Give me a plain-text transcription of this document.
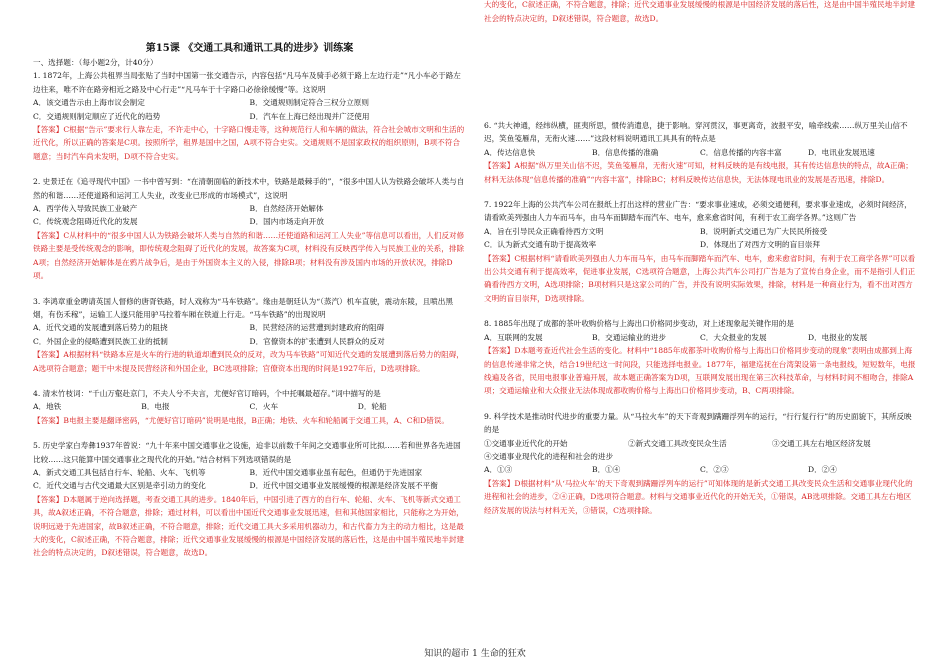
第15课 《交通工具和通讯工具的进步》训练案

一、选择题：（每小题2分，计40分）

1. 1872年，上海公共租界当局张贴了当时中国第一张交通告示，内容包括“凡马车及骑手必须于路上左边行走”“凡小车必于路左边往来，唯不许在路旁相近之路及中心行走”“凡马车于十字路口必徐徐缓慢”等。这说明

A．该交通告示由上海市议会制定	B．交通规则制定符合三权分立原则
C．交通规则制定顺应了近代化的趋势	D．汽车在上海已经出现并广泛使用

【答案】C根据“告示”要求行人靠左走，不许走中心，十字路口慢走等，这种规范行人和车辆的做法，符合社会城市文明和生活的近代化，所以正确的答案是C项。按照所学，租界是国中之国，A项不符合史实。交通规则不是国家政权的组织原则，B项不符合题意；当时汽车尚未发明，D项不符合史实。

2. 史景迁在《追寻现代中国》一书中曾写到：“在清朝面临的新技术中，铁路是最棘手的”，“很多中国人认为铁路会破坏人类与自然的和谐……还使道路和运河工人失业，改变业已形成的市场模式”，这说明

A．西学传入导致民族工业破产	B．自然经济开始解体
C．传统观念阻碍近代化的发展	D．国内市场走向开放

【答案】C从材料中的“很多中国人认为铁路会破坏人类与自然的和谐……还使道路和运河工人失业”等信息可以看出，人们反对修铁路主要是受传统观念的影响，即传统观念阻碍了近代化的发展，故答案为C项，材料没有反映西学传入与民族工业的关系，排除A项；自然经济开始解体是在鸦片战争后，是由于外国资本主义的入侵，排除B项；材料没有涉及国内市场的开放状况，排除D项。

3. 李鸿章重金聘请英国人督修的唐胥铁路，时人戏称为“马车铁路”。缘由是朝廷认为“（蒸汽）机车直驶，震动东陵，且喷出黑烟，有伤禾稼”，运输工人遂只能用驴马拉着车厢在铁道上行走。“马车铁路”的出现说明

A．近代交通的发展遭到落后势力的阻挠	B．民营经济的运营遭到封建政府的阻碍
C．外国企业的侵略遭到民族工业的抵制	D．官僚资本的扩张遭到人民群众的反对

【答案】A根据材料“铁路本应是火车的行进的轨道却遭到民众的反对，改为马车铁路”可知近代交通的发展遭到落后势力的阻碍，A选项符合题意；题干中未提及民营经济和外国企业，BC选项排除；官僚资本出现的时间是1927年后，D选项排除。

4. 清末竹枝词：“千山万壑赴京门，不夫人兮不夫言，尤便好官订暗码，个中托嘱最超存。”词中描写的是

A．地铁	B．电报	C．火车	D．轮船

【答案】B电报主要是翻译密码，“尤便好官订暗码”说明是电报，B正确；地铁、火车和轮船属于交通工具，A、C和D错误。

5. 历史学家白寿彝1937年曾说：“九十年来中国交通事业之设施，迨非以前数千年间之交通事业所可比拟……若和世界各先进国比较……这只能算中国交通事业之现代化的开始。”结合材料下列选项错误的是

A．新式交通工具包括自行车、轮船、火车、飞机等	B．近代中国交通事业虽有起色，但通仍于先进国家
C．近代交通与古代交通最大区别是牵引动力的变化	D．近代中国交通事业发展缓慢的根源是经济发展不平衡

【答案】D本题属于逆向选择题，考查交通工具的进步。1840年后，中国引进了西方的自行车、轮船、火车、飞机等新式交通工具，故A叙述正确，不符合题意，排除；通过材料，可以看出中国近代交通事业发展迅速，但和其他国家相比，只能称之为开始，说明远逊于先进国家，故B叙述正确，不符合题意，排除；近代交通工具大多采用机器动力，和古代畜力为主的动力相比，这是最大的变化，C叙述正确，不符合题意，排除；近代交通事业发展缓慢的根源是中国经济发展的落后性，这是由中国半殖民地半封建社会的特点决定的，D叙述错误，符合题意，故选D。

大的变化，C叙述正确，不符合题意，排除；近代交通事业发展缓慢的根源是中国经济发展的落后性，这是由中国半殖民地半封建社会的特点决定的，D叙述错误，符合题意，故选D。

6. “共大神通，经纬纵横，匪夷所思，惯传消遣息，捷于影响。穿河贯汉，事更离奇，波报平安，喻牵线索……纵万里关山信不迟，笑鱼笺雁帛，无衔火速……”这段材料说明通讯工具具有的特点是

A．传达信息快	B．信息传播的准确	C．信息传播的内容丰富	D．电讯业发展迅速

【答案】A根据“纵万里关山信不迟，笑鱼笺雁帛，无衔火速”可知，材料反映的是有线电报，其有传达信息快的特点，故A正确；材料无法体现“信息传播的准确”“内容丰富”，排除BC；材料反映传达信息快，无法体现电讯业的发展是否迅速，排除D。

7. 1922年上海的公共汽车公司在报纸上打出这样的营业广告：“要求事业速成，必须交通便利，要求事业速成，必须时间经济，请看欧美列强由人力车而马车，由马车而脚踏车而汽车、电车，愈来愈省时间，有利于农工商学各界。”这则广告

A．旨在引导民众正确看待西方文明	B．说明新式交通已为广大民民所接受
C．认为新式交通有助于提高效率	D．体现出了对西方文明的盲目崇拜

【答案】C根据材料“请看欧美列强由人力车而马车，由马车而脚踏车而汽车、电车，愈来愈省时间，有利于农工商学各界”可以看出公共交通有利于提高效率，促进事业发展，C选项符合题意，上海公共汽车公司打广告是为了宣传自身企业，而不是指引人们正确看待西方文明，A选项排除；B项材料只是这家公司的广告，并没有说明实际效果，排除，材料是一种商业行为，看不出对西方文明的盲目崇拜，D选项排除。

8. 1885年出现了成都的茶叶收购价格与上海出口价格同步变动，对上述现象起关键作用的是

A．互联网的发展	B．交通运输业的进步	C．大众报业的发展	D．电报业的发展

【答案】D本题考查近代社会生活的变化。材料中“1885年成都茶叶收购价格与上海出口价格同步变动的现象”表明由成都到上海的信息传递非常之快，结合19世纪这一时间段，只能选择电报业。1877年，福建巡抚在台湾架设第一条电报线，短短数年，电报线遍及各省，民用电报事业普遍开展，故本题正确答案为D项，互联网发展出现在第三次科技革命，与材料时间不相吻合，排除A项；交通运输业和大众报业无法体现成都收购价格与上海出口价格同步变动，B、C两项排除。

9. 科学技术是推动时代进步的重要力量。从“马拉火车”的天下奇观到蹒跚浮列车的运行，“行行复行行”的历史面貌下，其所反映的是

①交通事业近代化的开始	②新式交通工具改变民众生活	③交通工具左右地区经济发展

④交通事业现代化的进程和社会的进步

A．①③	B．①④	C．②③	D．②④

【答案】D根据材料“从‘马拉火车’的天下奇观到蹒跚浮列车的运行”可知体现的是新式交通工具改变民众生活和交通事业现代化的进程和社会的进步，②④正确，D选项符合题意。材料与交通事业近代化的开始无关，①错误，AB选项排除。交通工具左右地区经济发展的说法与材料无关，③错误，C选项排除。

知识的超市 1 生命的狂欢
